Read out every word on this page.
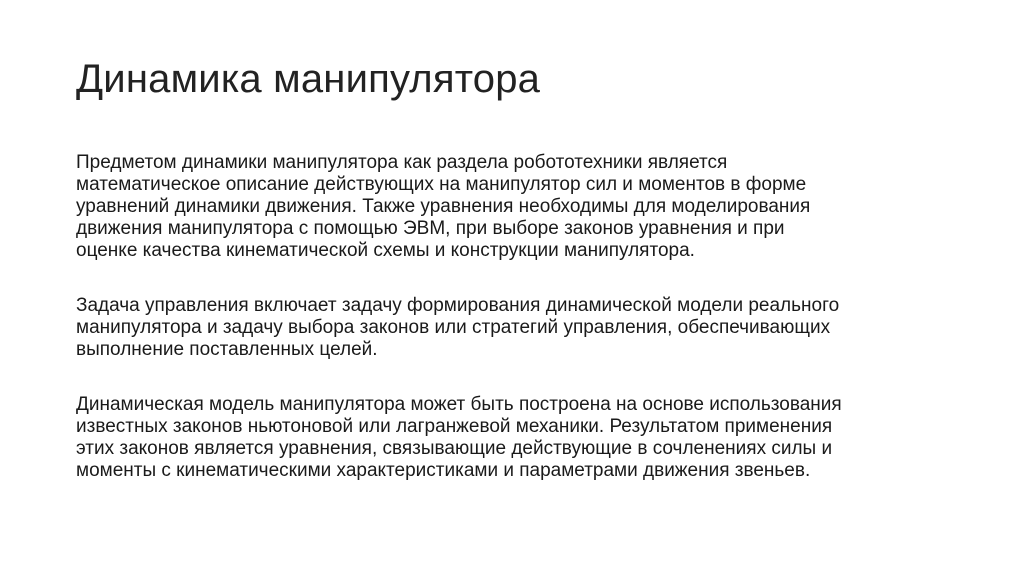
Динамика манипулятора

Предметом динамики манипулятора как раздела робототехники является
математическое описание действующих на манипулятор сил и моментов в форме
уравнений динамики движения. Также уравнения необходимы для моделирования
движения манипулятора с помощью ЭВМ, при выборе законов уравнения и при
оценке качества кинематической схемы и конструкции манипулятора.

Задача управления включает задачу формирования динамической модели реального
манипулятора и задачу выбора законов или стратегий управления, обеспечивающих
выполнение поставленных целей.

Динамическая модель манипулятора может быть построена на основе использования
известных законов ньютоновой или лагранжевой механики. Результатом применения
этих законов является уравнения, связывающие действующие в сочленениях силы и
моменты с кинематическими характеристиками и параметрами движения звеньев.
